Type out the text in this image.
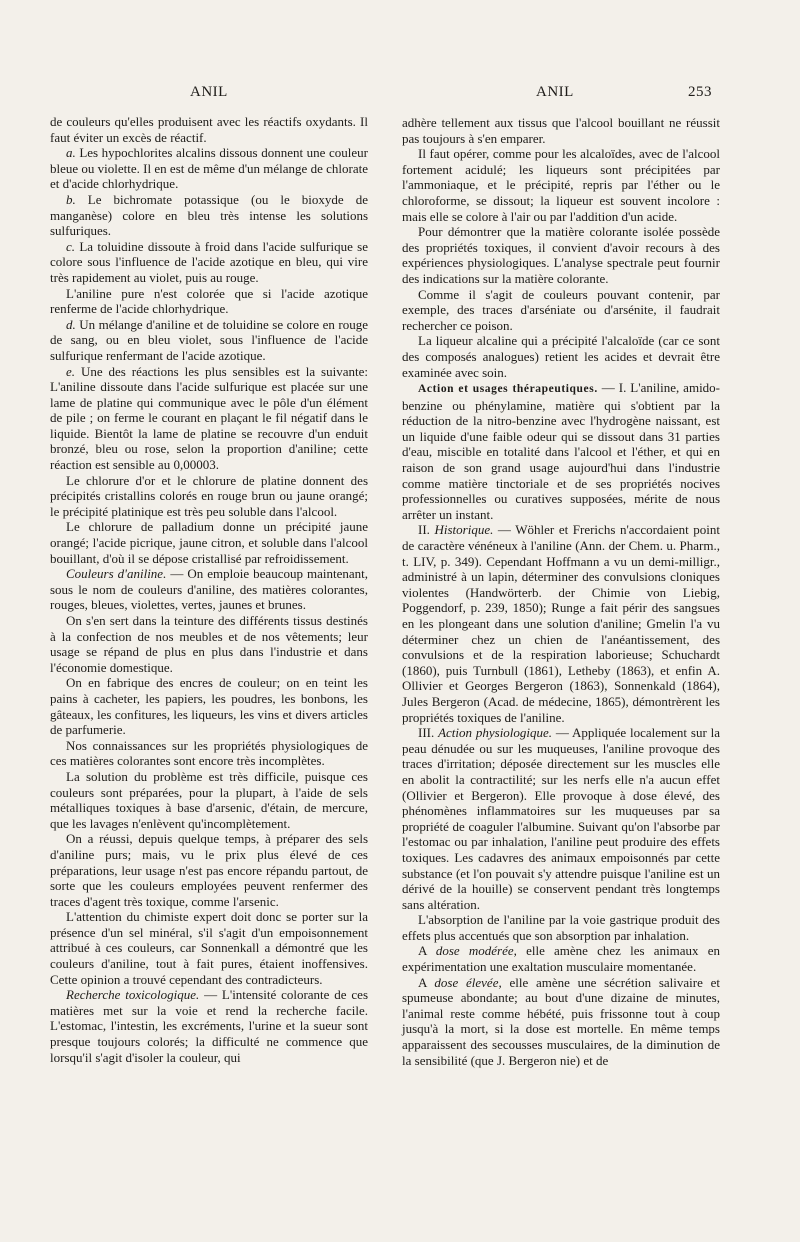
ANIL	ANIL	253

de couleurs qu'elles produisent avec les réactifs oxydants. Il faut éviter un excès de réactif.

a. Les hypochlorites alcalins dissous donnent une couleur bleue ou violette. Il en est de même d'un mélange de chlorate et d'acide chlorhydrique.

b. Le bichromate potassique (ou le bioxyde de manganèse) colore en bleu très intense les solutions sulfuriques.

c. La toluidine dissoute à froid dans l'acide sulfurique se colore sous l'influence de l'acide azotique en bleu, qui vire très rapidement au violet, puis au rouge.

L'aniline pure n'est colorée que si l'acide azotique renferme de l'acide chlorhydrique.

d. Un mélange d'aniline et de toluidine se colore en rouge de sang, ou en bleu violet, sous l'influence de l'acide sulfurique renfermant de l'acide azotique.

e. Une des réactions les plus sensibles est la suivante: L'aniline dissoute dans l'acide sulfurique est placée sur une lame de platine qui communique avec le pôle d'un élément de pile ; on ferme le courant en plaçant le fil négatif dans le liquide. Bientôt la lame de platine se recouvre d'un enduit bronzé, bleu ou rose, selon la proportion d'aniline; cette réaction est sensible au 0,00003.

Le chlorure d'or et le chlorure de platine donnent des précipités cristallins colorés en rouge brun ou jaune orangé; le précipité platinique est très peu soluble dans l'alcool.

Le chlorure de palladium donne un précipité jaune orangé; l'acide picrique, jaune citron, et soluble dans l'alcool bouillant, d'où il se dépose cristallisé par refroidissement.

Couleurs d'aniline. — On emploie beaucoup maintenant, sous le nom de couleurs d'aniline, des matières colorantes, rouges, bleues, violettes, vertes, jaunes et brunes.

On s'en sert dans la teinture des différents tissus destinés à la confection de nos meubles et de nos vêtements; leur usage se répand de plus en plus dans l'industrie et dans l'économie domestique.

On en fabrique des encres de couleur; on en teint les pains à cacheter, les papiers, les poudres, les bonbons, les gâteaux, les confitures, les liqueurs, les vins et divers articles de parfumerie.

Nos connaissances sur les propriétés physiologiques de ces matières colorantes sont encore très incomplètes.

La solution du problème est très difficile, puisque ces couleurs sont préparées, pour la plupart, à l'aide de sels métalliques toxiques à base d'arsenic, d'étain, de mercure, que les lavages n'enlèvent qu'incomplètement.

On a réussi, depuis quelque temps, à préparer des sels d'aniline purs; mais, vu le prix plus élevé de ces préparations, leur usage n'est pas encore répandu partout, de sorte que les couleurs employées peuvent renfermer des traces d'agent très toxique, comme l'arsenic.

L'attention du chimiste expert doit donc se porter sur la présence d'un sel minéral, s'il s'agit d'un empoisonnement attribué à ces couleurs, car Sonnenkall a démontré que les couleurs d'aniline, tout à fait pures, étaient inoffensives. Cette opinion a trouvé cependant des contradicteurs.

Recherche toxicologique. — L'intensité colorante de ces matières met sur la voie et rend la recherche facile. L'estomac, l'intestin, les excréments, l'urine et la sueur sont presque toujours colorés; la difficulté ne commence que lorsqu'il s'agit d'isoler la couleur, qui

adhère tellement aux tissus que l'alcool bouillant ne réussit pas toujours à s'en emparer.

Il faut opérer, comme pour les alcaloïdes, avec de l'alcool fortement acidulé; les liqueurs sont précipitées par l'ammoniaque, et le précipité, repris par l'éther ou le chloroforme, se dissout; la liqueur est souvent incolore : mais elle se colore à l'air ou par l'addition d'un acide.

Pour démontrer que la matière colorante isolée possède des propriétés toxiques, il convient d'avoir recours à des expériences physiologiques. L'analyse spectrale peut fournir des indications sur la matière colorante.

Comme il s'agit de couleurs pouvant contenir, par exemple, des traces d'arséniate ou d'arsénite, il faudrait rechercher ce poison.

La liqueur alcaline qui a précipité l'alcaloïde (car ce sont des composés analogues) retient les acides et devrait être examinée avec soin.

Action et usages thérapeutiques. — I. L'aniline, amido-benzine ou phénylamine, matière qui s'obtient par la réduction de la nitro-benzine avec l'hydrogène naissant, est un liquide d'une faible odeur qui se dissout dans 31 parties d'eau, miscible en totalité dans l'alcool et l'éther, et qui en raison de son grand usage aujourd'hui dans l'industrie comme matière tinctoriale et de ses propriétés nocives professionnelles ou curatives supposées, mérite de nous arrêter un instant.

II. Historique. — Wöhler et Frerichs n'accordaient point de caractère vénéneux à l'aniline (Ann. der Chem. u. Pharm., t. LIV, p. 349). Cependant Hoffmann a vu un demi-milligr., administré à un lapin, déterminer des convulsions cloniques violentes (Handwörterb. der Chimie von Liebig, Poggendorf, p. 239, 1850); Runge a fait périr des sangsues en les plongeant dans une solution d'aniline; Gmelin l'a vu déterminer chez un chien de l'anéantissement, des convulsions et de la respiration laborieuse; Schuchardt (1860), puis Turnbull (1861), Letheby (1863), et enfin A. Ollivier et Georges Bergeron (1863), Sonnenkald (1864), Jules Bergeron (Acad. de médecine, 1865), démontrèrent les propriétés toxiques de l'aniline.

III. Action physiologique. — Appliquée localement sur la peau dénudée ou sur les muqueuses, l'aniline provoque des traces d'irritation; déposée directement sur les muscles elle en abolit la contractilité; sur les nerfs elle n'a aucun effet (Ollivier et Bergeron). Elle provoque à dose élevé, des phénomènes inflammatoires sur les muqueuses par sa propriété de coaguler l'albumine. Suivant qu'on l'absorbe par l'estomac ou par inhalation, l'aniline peut produire des effets toxiques. Les cadavres des animaux empoisonnés par cette substance (et l'on pouvait s'y attendre puisque l'aniline est un dérivé de la houille) se conservent pendant très longtemps sans altération.

L'absorption de l'aniline par la voie gastrique produit des effets plus accentués que son absorption par inhalation.

A dose modérée, elle amène chez les animaux en expérimentation une exaltation musculaire momentanée.

A dose élevée, elle amène une sécrétion salivaire et spumeuse abondante; au bout d'une dizaine de minutes, l'animal reste comme hébété, puis frissonne tout à coup jusqu'à la mort, si la dose est mortelle. En même temps apparaissent des secousses musculaires, de la diminution de la sensibilité (que J. Bergeron nie) et de
